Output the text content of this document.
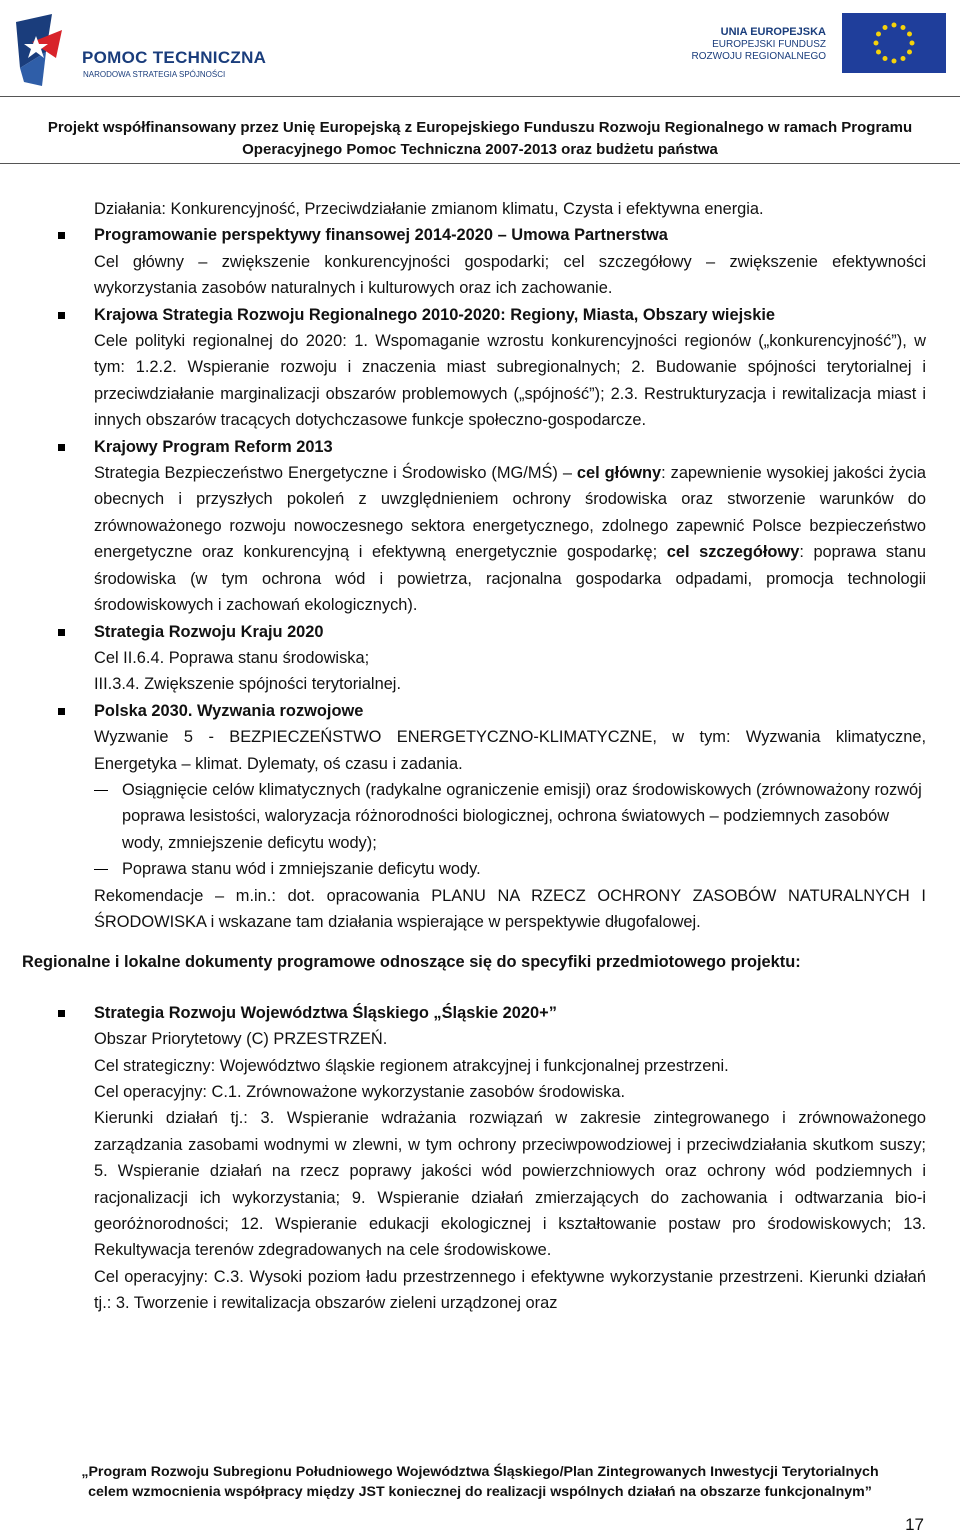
POMOC TECHNICZNA
NARODOWA STRATEGIA SPÓJNOŚCI
UNIA EUROPEJSKA
EUROPEJSKI FUNDUSZ
ROZWOJU REGIONALNEGO
Projekt współfinansowany przez Unię Europejską z Europejskiego Funduszu Rozwoju Regionalnego w ramach Programu
Operacyjnego Pomoc Techniczna 2007-2013 oraz budżetu państwa

Działania: Konkurencyjność, Przeciwdziałanie zmianom klimatu, Czysta i efektywna energia.

Programowanie perspektywy finansowej 2014-2020 – Umowa Partnerstwa

Cel główny – zwiększenie konkurencyjności gospodarki; cel szczegółowy – zwiększenie efektywności wykorzystania zasobów naturalnych i kulturowych oraz ich zachowanie.

Krajowa Strategia Rozwoju Regionalnego 2010-2020: Regiony, Miasta, Obszary wiejskie

Cele polityki regionalnej do 2020: 1. Wspomaganie wzrostu konkurencyjności regionów („konkurencyjność”), w tym: 1.2.2. Wspieranie rozwoju i znaczenia miast subregionalnych; 2. Budowanie spójności terytorialnej i przeciwdziałanie marginalizacji obszarów problemowych („spójność”); 2.3. Restrukturyzacja i rewitalizacja miast i innych obszarów tracących dotychczasowe funkcje społeczno-gospodarcze.

Krajowy Program Reform 2013

Strategia Bezpieczeństwo Energetyczne i Środowisko (MG/MŚ) – cel główny: zapewnienie wysokiej jakości życia obecnych i przyszłych pokoleń z uwzględnieniem ochrony środowiska oraz stworzenie warunków do zrównoważonego rozwoju nowoczesnego sektora energetycznego, zdolnego zapewnić Polsce bezpieczeństwo energetyczne oraz konkurencyjną i efektywną energetycznie gospodarkę; cel szczegółowy: poprawa stanu środowiska (w tym ochrona wód i powietrza, racjonalna gospodarka odpadami, promocja technologii środowiskowych i zachowań ekologicznych).

Strategia Rozwoju Kraju 2020

Cel II.6.4. Poprawa stanu środowiska;

III.3.4. Zwiększenie spójności terytorialnej.

Polska 2030. Wyzwania rozwojowe

Wyzwanie 5 - BEZPIECZEŃSTWO ENERGETYCZNO-KLIMATYCZNE, w tym: Wyzwania klimatyczne, Energetyka – klimat. Dylematy, oś czasu i zadania.

Osiągnięcie celów klimatycznych (radykalne ograniczenie emisji) oraz środowiskowych (zrównoważony rozwój poprawa lesistości, waloryzacja różnorodności biologicznej, ochrona światowych – podziemnych zasobów wody, zmniejszenie deficytu wody);

Poprawa stanu wód i zmniejszanie deficytu wody.

Rekomendacje – m.in.: dot. opracowania PLANU NA RZECZ OCHRONY ZASOBÓW NATURALNYCH I ŚRODOWISKA i wskazane tam działania wspierające w perspektywie długofalowej.

Regionalne i lokalne dokumenty programowe odnoszące się do specyfiki przedmiotowego projektu:

Strategia Rozwoju Województwa Śląskiego „Śląskie 2020+”

Obszar Priorytetowy (C) PRZESTRZEŃ.

Cel strategiczny: Województwo śląskie regionem atrakcyjnej i funkcjonalnej przestrzeni.

Cel operacyjny: C.1. Zrównoważone wykorzystanie zasobów środowiska.

Kierunki działań tj.: 3. Wspieranie wdrażania rozwiązań w zakresie zintegrowanego i zrównoważonego zarządzania zasobami wodnymi w zlewni, w tym ochrony przeciwpowodziowej i przeciwdziałania skutkom suszy; 5. Wspieranie działań na rzecz poprawy jakości wód powierzchniowych oraz ochrony wód podziemnych i racjonalizacji ich wykorzystania; 9. Wspieranie działań zmierzających do zachowania i odtwarzania bio-i georóżnorodności; 12. Wspieranie edukacji ekologicznej i kształtowanie postaw pro środowiskowych; 13. Rekultywacja terenów zdegradowanych na cele środowiskowe.

Cel operacyjny: C.3. Wysoki poziom ładu przestrzennego i efektywne wykorzystanie przestrzeni. Kierunki działań tj.: 3. Tworzenie i rewitalizacja obszarów zieleni urządzonej oraz

„Program Rozwoju Subregionu Południowego Województwa Śląskiego/Plan Zintegrowanych Inwestycji Terytorialnych
celem wzmocnienia współpracy między JST koniecznej do realizacji wspólnych działań na obszarze funkcjonalnym”
17
